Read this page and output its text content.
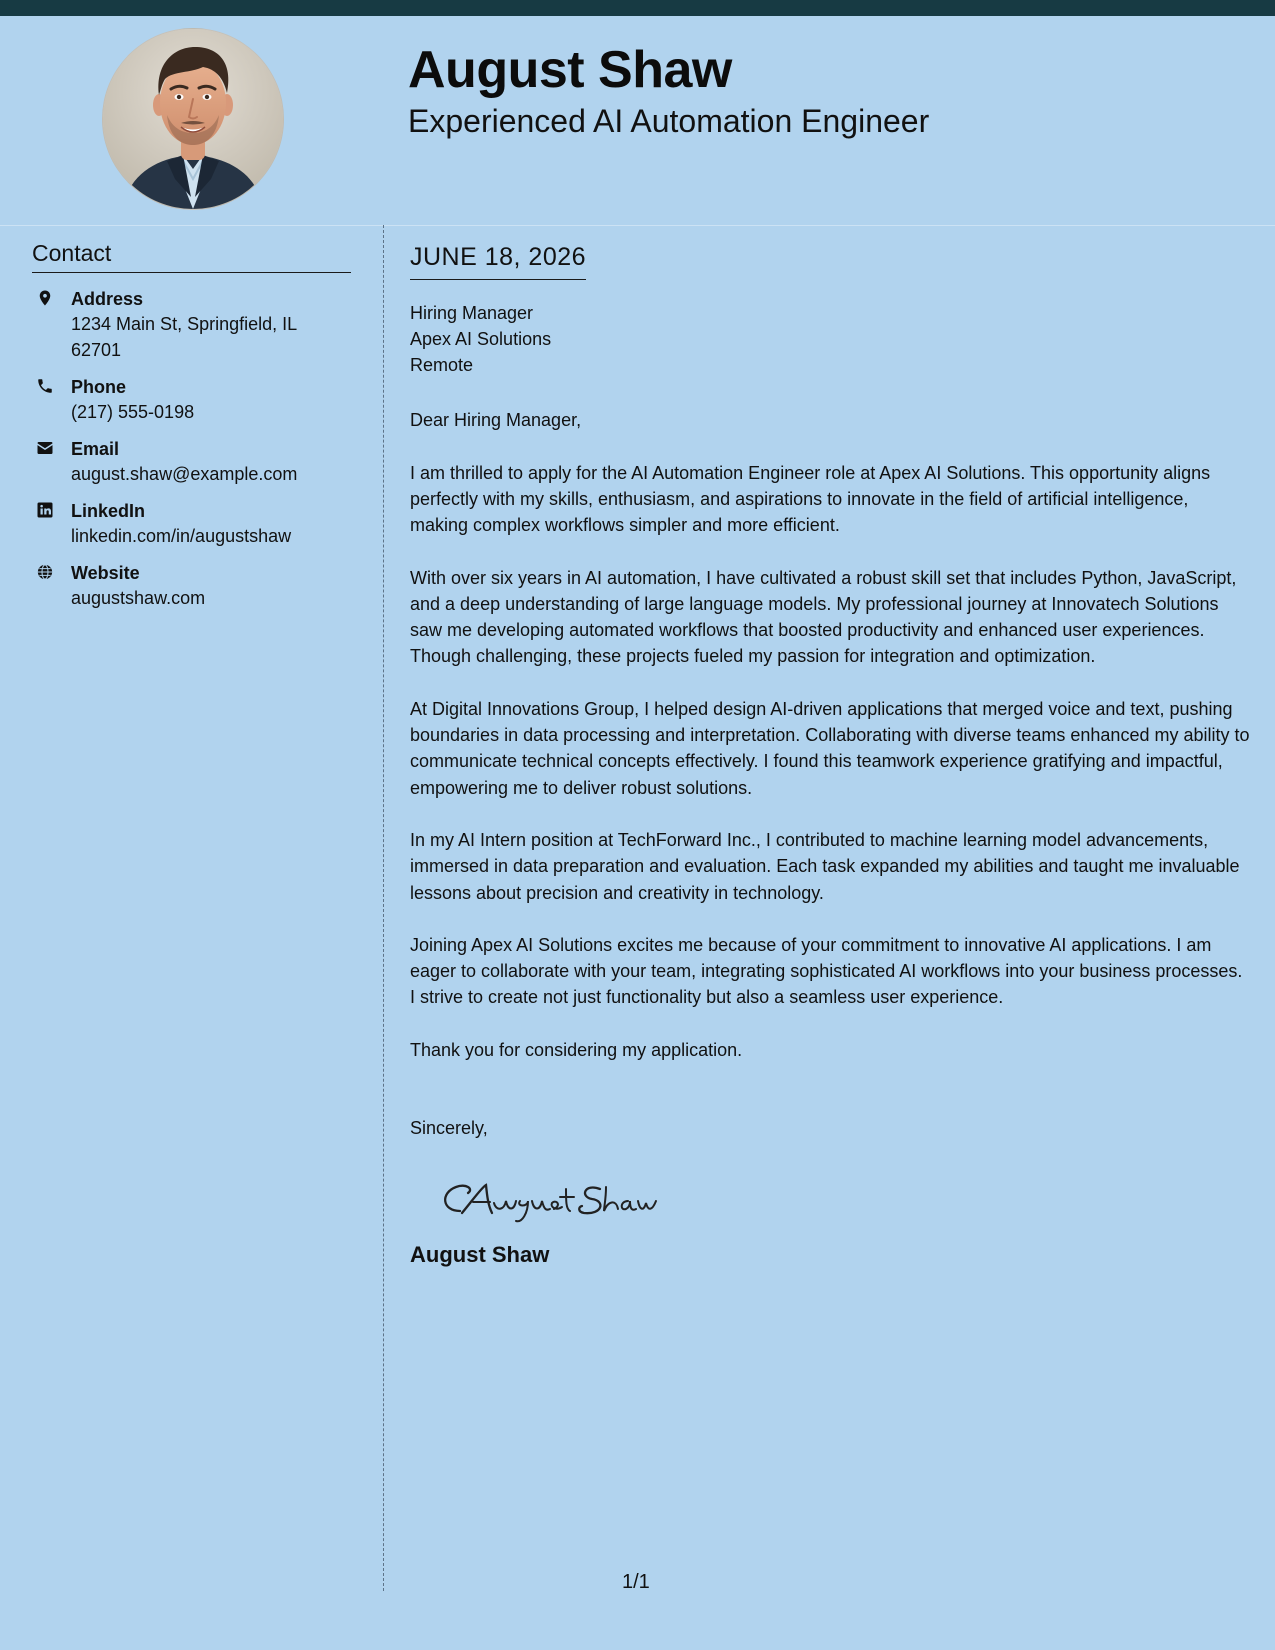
August Shaw
Experienced AI Automation Engineer
Contact
Address
1234 Main St, Springfield, IL 62701
Phone
(217) 555-0198
Email
august.shaw@example.com
LinkedIn
linkedin.com/in/augustshaw
Website
augustshaw.com
JUNE 18, 2026
Hiring Manager
Apex AI Solutions
Remote
Dear Hiring Manager,

I am thrilled to apply for the AI Automation Engineer role at Apex AI Solutions. This opportunity aligns perfectly with my skills, enthusiasm, and aspirations to innovate in the field of artificial intelligence, making complex workflows simpler and more efficient.

With over six years in AI automation, I have cultivated a robust skill set that includes Python, JavaScript, and a deep understanding of large language models. My professional journey at Innovatech Solutions saw me developing automated workflows that boosted productivity and enhanced user experiences. Though challenging, these projects fueled my passion for integration and optimization.

At Digital Innovations Group, I helped design AI-driven applications that merged voice and text, pushing boundaries in data processing and interpretation. Collaborating with diverse teams enhanced my ability to communicate technical concepts effectively. I found this teamwork experience gratifying and impactful, empowering me to deliver robust solutions.

In my AI Intern position at TechForward Inc., I contributed to machine learning model advancements, immersed in data preparation and evaluation. Each task expanded my abilities and taught me invaluable lessons about precision and creativity in technology.

Joining Apex AI Solutions excites me because of your commitment to innovative AI applications. I am eager to collaborate with your team, integrating sophisticated AI workflows into your business processes. I strive to create not just functionality but also a seamless user experience.

Thank you for considering my application.

Sincerely,
August Shaw
1/1
